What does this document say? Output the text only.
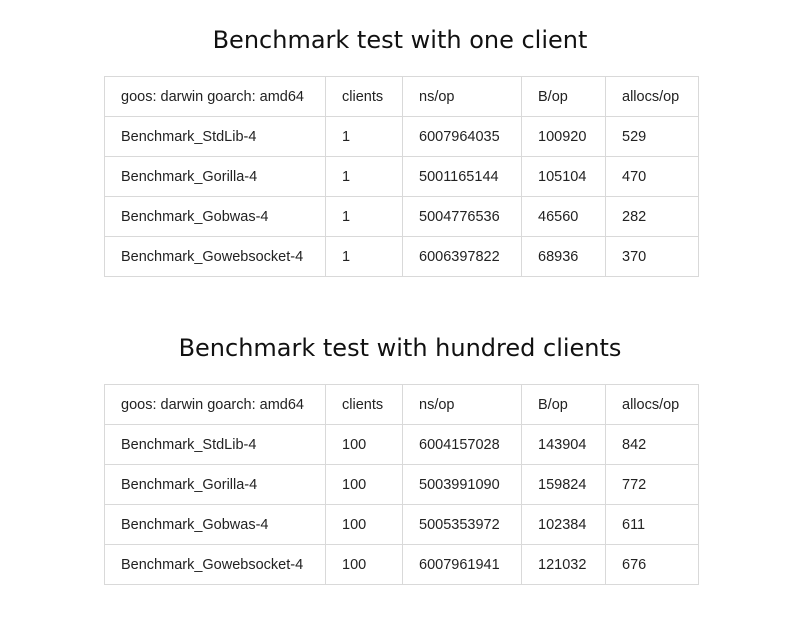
Benchmark test with one client
goos: darwin goarch: amd64	clients	ns/op	B/op	allocs/op
Benchmark_StdLib-4	1	6007964035	100920	529
Benchmark_Gorilla-4	1	5001165144	105104	470
Benchmark_Gobwas-4	1	5004776536	46560	282
Benchmark_Gowebsocket-4	1	6006397822	68936	370
Benchmark test with hundred clients
goos: darwin goarch: amd64	clients	ns/op	B/op	allocs/op
Benchmark_StdLib-4	100	6004157028	143904	842
Benchmark_Gorilla-4	100	5003991090	159824	772
Benchmark_Gobwas-4	100	5005353972	102384	611
Benchmark_Gowebsocket-4	100	6007961941	121032	676
